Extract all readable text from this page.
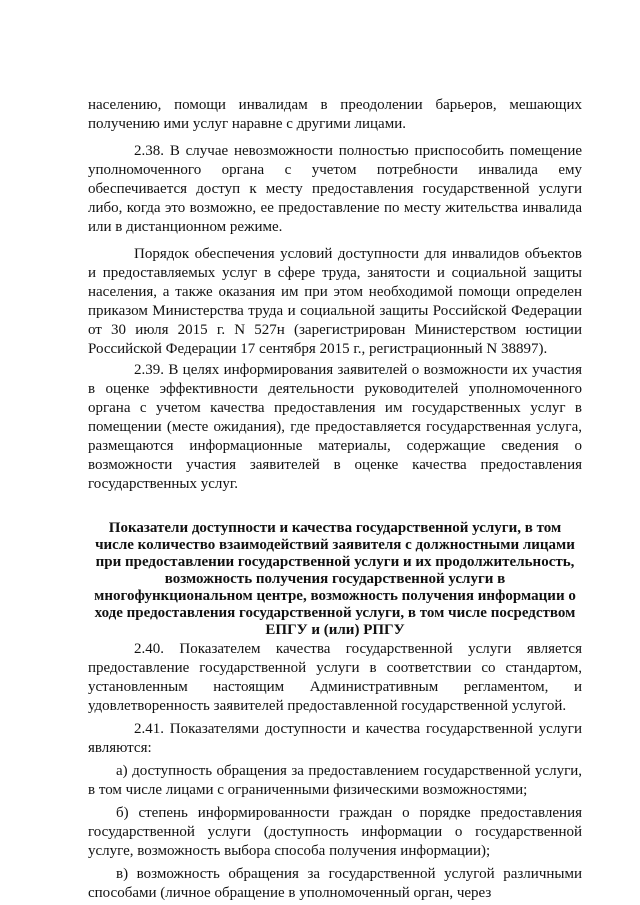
населению, помощи инвалидам в преодолении барьеров, мешающих получению ими услуг наравне с другими лицами.

2.38. В случае невозможности полностью приспособить помещение уполномоченного органа с учетом потребности инвалида ему обеспечивается доступ к месту предоставления государственной услуги либо, когда это возможно, ее предоставление по месту жительства инвалида или в дистанционном режиме.

Порядок обеспечения условий доступности для инвалидов объектов и предоставляемых услуг в сфере труда, занятости и социальной защиты населения, а также оказания им при этом необходимой помощи определен приказом Министерства труда и социальной защиты Российской Федерации от 30 июля 2015 г. N 527н (зарегистрирован Министерством юстиции Российской Федерации 17 сентября 2015 г., регистрационный N 38897).

2.39. В целях информирования заявителей о возможности их участия в оценке эффективности деятельности руководителей уполномоченного органа с учетом качества предоставления им государственных услуг в помещении (месте ожидания), где предоставляется государственная услуга, размещаются информационные материалы, содержащие сведения о возможности участия заявителей в оценке качества предоставления государственных услуг.

Показатели доступности и качества государственной услуги, в том числе количество взаимодействий заявителя с должностными лицами при предоставлении государственной услуги и их продолжительность, возможность получения государственной услуги в многофункциональном центре, возможность получения информации о ходе предоставления государственной услуги, в том числе посредством ЕПГУ и (или) РПГУ

2.40. Показателем качества государственной услуги является предоставление государственной услуги в соответствии со стандартом, установленным настоящим Административным регламентом, и удовлетворенность заявителей предоставленной государственной услугой.

2.41. Показателями доступности и качества государственной услуги являются:

а) доступность обращения за предоставлением государственной услуги, в том числе лицами с ограниченными физическими возможностями;

б) степень информированности граждан о порядке предоставления государственной услуги (доступность информации о государственной услуге, возможность выбора способа получения информации);

в) возможность обращения за государственной услугой различными способами (личное обращение в уполномоченный орган, через
